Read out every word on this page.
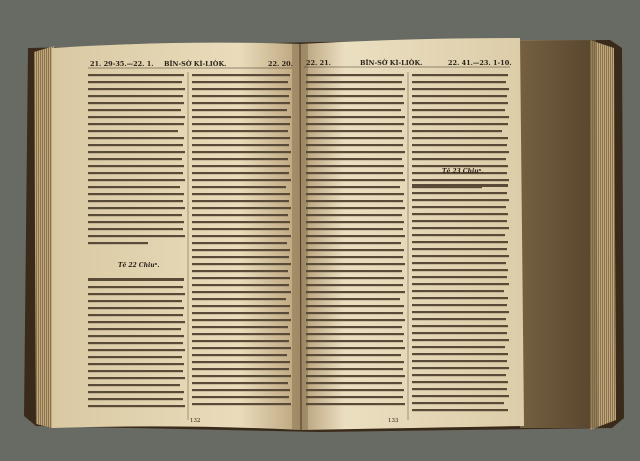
21. 29-35.—22. 1. BÎN-SÒ͘ KÌ-LIO̍K.	22. 20.
Tē 22 Chiuⁿ.
132
22. 21.	BÎN-SÒ͘ KÌ-LIO̍K.	22. 41.—23. 1-10.
Tē 23 Chiuⁿ.
133
